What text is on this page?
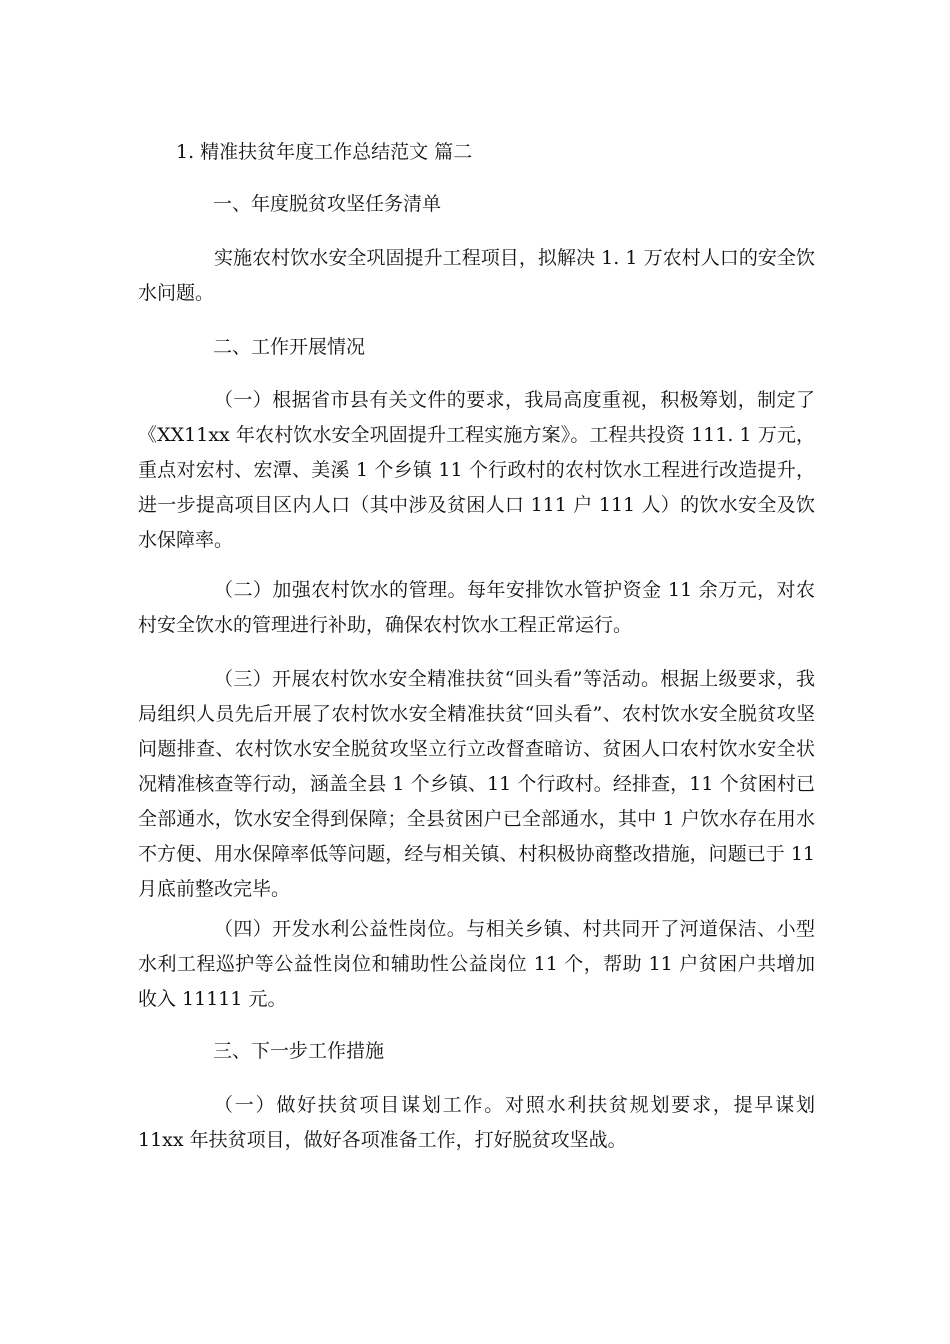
1. 精准扶贫年度工作总结范文 篇二
一、年度脱贫攻坚任务清单

实施农村饮水安全巩固提升工程项目，拟解决 1. 1 万农村人口的安全饮水问题。

二、工作开展情况

（一）根据省市县有关文件的要求，我局高度重视，积极筹划，制定了《XX11xx 年农村饮水安全巩固提升工程实施方案》。工程共投资 111. 1 万元，重点对宏村、宏潭、美溪 1 个乡镇 11 个行政村的农村饮水工程进行改造提升，进一步提高项目区内人口（其中涉及贫困人口 111 户 111 人）的饮水安全及饮水保障率。

（二）加强农村饮水的管理。每年安排饮水管护资金 11 余万元，对农村安全饮水的管理进行补助，确保农村饮水工程正常运行。

（三）开展农村饮水安全精准扶贫“回头看”等活动。根据上级要求，我局组织人员先后开展了农村饮水安全精准扶贫“回头看”、农村饮水安全脱贫攻坚问题排查、农村饮水安全脱贫攻坚立行立改督查暗访、贫困人口农村饮水安全状况精准核查等行动，涵盖全县 1 个乡镇、11 个行政村。经排查，11 个贫困村已全部通水，饮水安全得到保障；全县贫困户已全部通水，其中 1 户饮水存在用水不方便、用水保障率低等问题，经与相关镇、村积极协商整改措施，问题已于 11 月底前整改完毕。

（四）开发水利公益性岗位。与相关乡镇、村共同开了河道保洁、小型水利工程巡护等公益性岗位和辅助性公益岗位 11 个，帮助 11 户贫困户共增加收入 11111 元。

三、下一步工作措施

（一）做好扶贫项目谋划工作。对照水利扶贫规划要求，提早谋划 11xx 年扶贫项目，做好各项准备工作，打好脱贫攻坚战。
